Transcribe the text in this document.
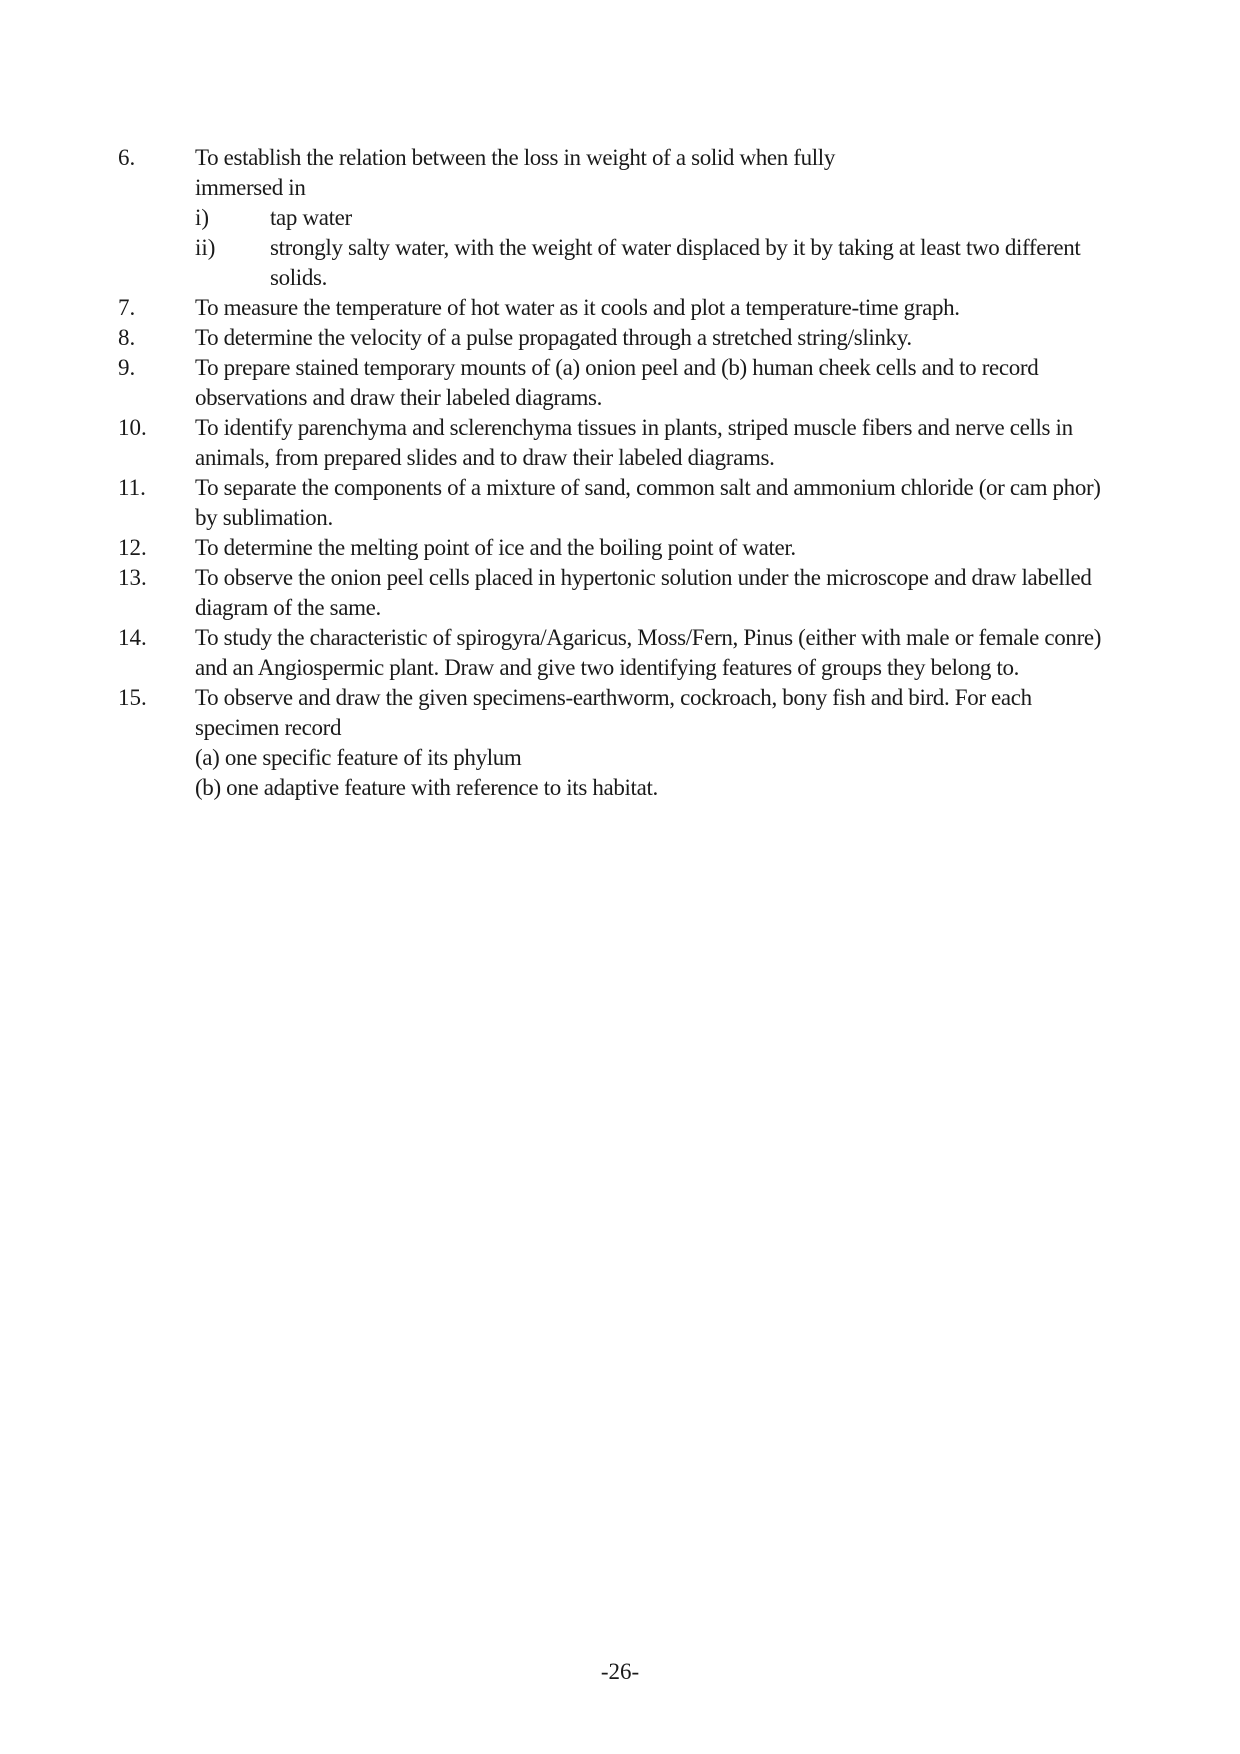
6.	To establish the relation between the loss in weight of a solid when fully immersed in
i)	tap water
ii)	strongly salty water, with the weight of water displaced by it by taking at least two different solids.
7.	To measure the temperature of hot water as it cools and plot a temperature-time graph.
8.	To determine the velocity of a pulse propagated through a stretched string/slinky.
9.	To prepare stained temporary mounts of (a) onion peel and (b) human cheek cells and to record observations and draw their labeled diagrams.
10.	To identify parenchyma and sclerenchyma tissues in plants, striped muscle fibers and nerve cells in animals, from prepared slides and to draw their labeled diagrams.
11.	To separate the components of a mixture of sand, common salt and ammonium chloride (or cam phor) by sublimation.
12.	To determine the melting point of ice and the boiling point of water.
13.	To observe the onion peel cells placed in hypertonic solution under the microscope and draw labelled diagram of the same.
14.	To study the characteristic of spirogyra/Agaricus, Moss/Fern, Pinus (either with male or female conre) and an Angiospermic plant. Draw and give two identifying features of groups they belong to.
15.	To observe and draw the given specimens-earthworm, cockroach, bony fish and bird. For each specimen record
(a) one specific feature of its phylum
(b) one adaptive feature with reference to its habitat.
-26-
